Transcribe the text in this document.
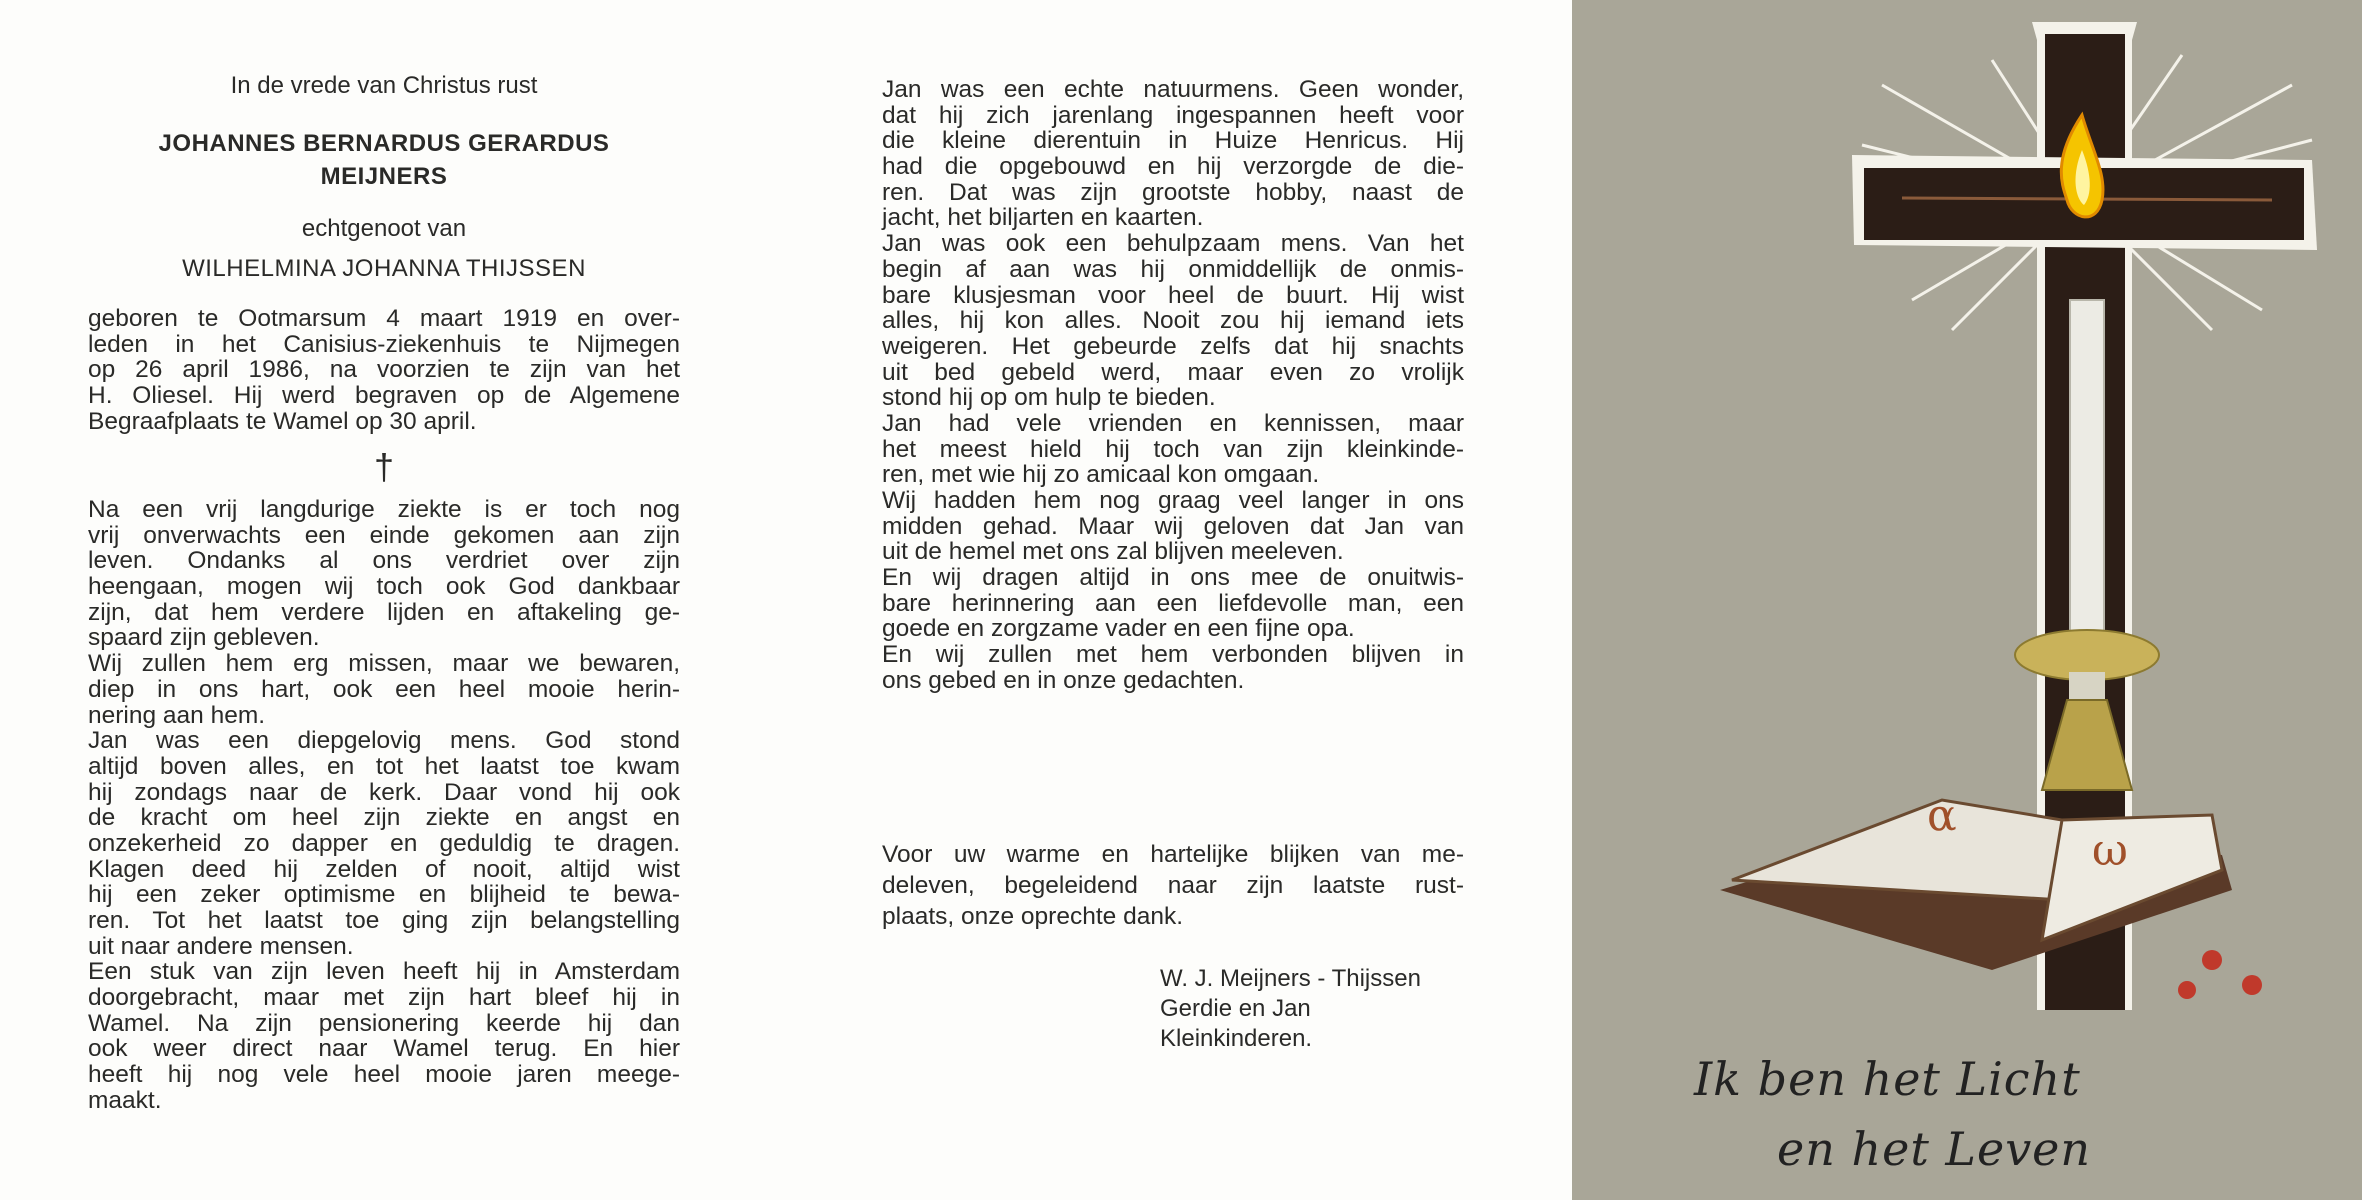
In de vrede van Christus rust
JOHANNES BERNARDUS GERARDUS
MEIJNERS
echtgenoot van
WILHELMINA JOHANNA THIJSSEN
geboren te Ootmarsum 4 maart 1919 en over-
leden in het Canisius-ziekenhuis te Nijmegen
op 26 april 1986, na voorzien te zijn van het
H. Oliesel. Hij werd begraven op de Algemene
Begraafplaats te Wamel op 30 april.
†
Na een vrij langdurige ziekte is er toch nog
vrij onverwachts een einde gekomen aan zijn
leven. Ondanks al ons verdriet over zijn
heengaan, mogen wij toch ook God dankbaar
zijn, dat hem verdere lijden en aftakeling ge-
spaard zijn gebleven.
Wij zullen hem erg missen, maar we bewaren,
diep in ons hart, ook een heel mooie herin-
nering aan hem.
Jan was een diepgelovig mens. God stond
altijd boven alles, en tot het laatst toe kwam
hij zondags naar de kerk. Daar vond hij ook
de kracht om heel zijn ziekte en angst en
onzekerheid zo dapper en geduldig te dragen.
Klagen deed hij zelden of nooit, altijd wist
hij een zeker optimisme en blijheid te bewa-
ren. Tot het laatst toe ging zijn belangstelling
uit naar andere mensen.
Een stuk van zijn leven heeft hij in Amsterdam
doorgebracht, maar met zijn hart bleef hij in
Wamel. Na zijn pensionering keerde hij dan
ook weer direct naar Wamel terug. En hier
heeft hij nog vele heel mooie jaren meege-
maakt.
Jan was een echte natuurmens. Geen wonder,
dat hij zich jarenlang ingespannen heeft voor
die kleine dierentuin in Huize Henricus. Hij
had die opgebouwd en hij verzorgde de die-
ren. Dat was zijn grootste hobby, naast de
jacht, het biljarten en kaarten.
Jan was ook een behulpzaam mens. Van het
begin af aan was hij onmiddellijk de onmis-
bare klusjesman voor heel de buurt. Hij wist
alles, hij kon alles. Nooit zou hij iemand iets
weigeren. Het gebeurde zelfs dat hij snachts
uit bed gebeld werd, maar even zo vrolijk
stond hij op om hulp te bieden.
Jan had vele vrienden en kennissen, maar
het meest hield hij toch van zijn kleinkinde-
ren, met wie hij zo amicaal kon omgaan.
Wij hadden hem nog graag veel langer in ons
midden gehad. Maar wij geloven dat Jan van
uit de hemel met ons zal blijven meeleven.
En wij dragen altijd in ons mee de onuitwis-
bare herinnering aan een liefdevolle man, een
goede en zorgzame vader en een fijne opa.
En wij zullen met hem verbonden blijven in
ons gebed en in onze gedachten.
Voor uw warme en hartelijke blijken van me-
deleven, begeleidend naar zijn laatste rust-
plaats, onze oprechte dank.
W. J. Meijners - Thijssen
Gerdie en Jan
Kleinkinderen.
α
ω
Ik ben het Licht
en het Leven
